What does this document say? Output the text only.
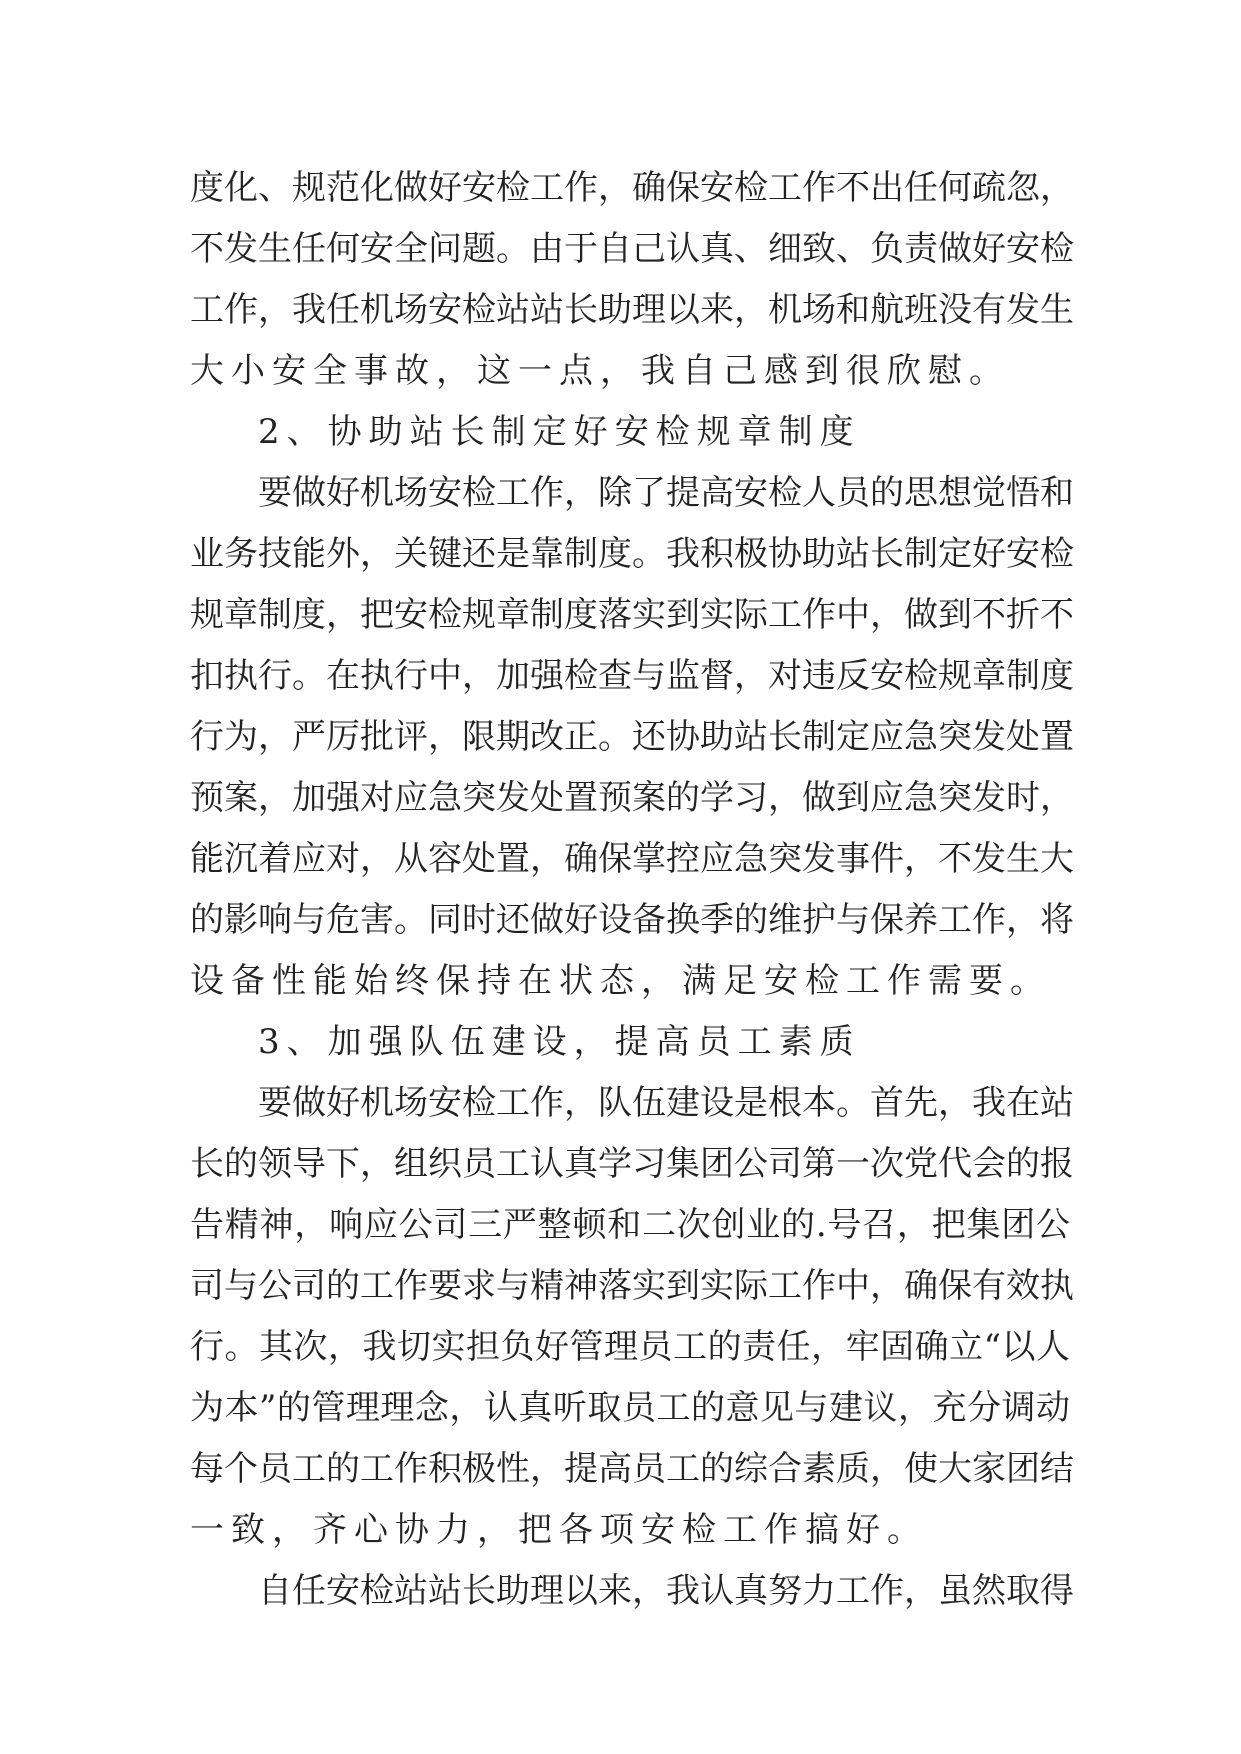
度化、规范化做好安检工作，确保安检工作不出任何疏忽，
不发生任何安全问题。由于自己认真、细致、负责做好安检
工作，我任机场安检站站长助理以来，机场和航班没有发生
大小安全事故，这一点，我自己感到很欣慰。
2、协助站长制定好安检规章制度
要做好机场安检工作，除了提高安检人员的思想觉悟和
业务技能外，关键还是靠制度。我积极协助站长制定好安检
规章制度，把安检规章制度落实到实际工作中，做到不折不
扣执行。在执行中，加强检查与监督，对违反安检规章制度
行为，严厉批评，限期改正。还协助站长制定应急突发处置
预案，加强对应急突发处置预案的学习，做到应急突发时，
能沉着应对，从容处置，确保掌控应急突发事件，不发生大
的影响与危害。同时还做好设备换季的维护与保养工作，将
设备性能始终保持在状态，满足安检工作需要。
3、加强队伍建设，提高员工素质
要做好机场安检工作，队伍建设是根本。首先，我在站
长的领导下，组织员工认真学习集团公司第一次党代会的报
告精神，响应公司三严整顿和二次创业的.号召，把集团公
司与公司的工作要求与精神落实到实际工作中，确保有效执
行。其次，我切实担负好管理员工的责任，牢固确立“以人
为本”的管理理念，认真听取员工的意见与建议，充分调动
每个员工的工作积极性，提高员工的综合素质，使大家团结
一致，齐心协力，把各项安检工作搞好。
自任安检站站长助理以来，我认真努力工作，虽然取得
